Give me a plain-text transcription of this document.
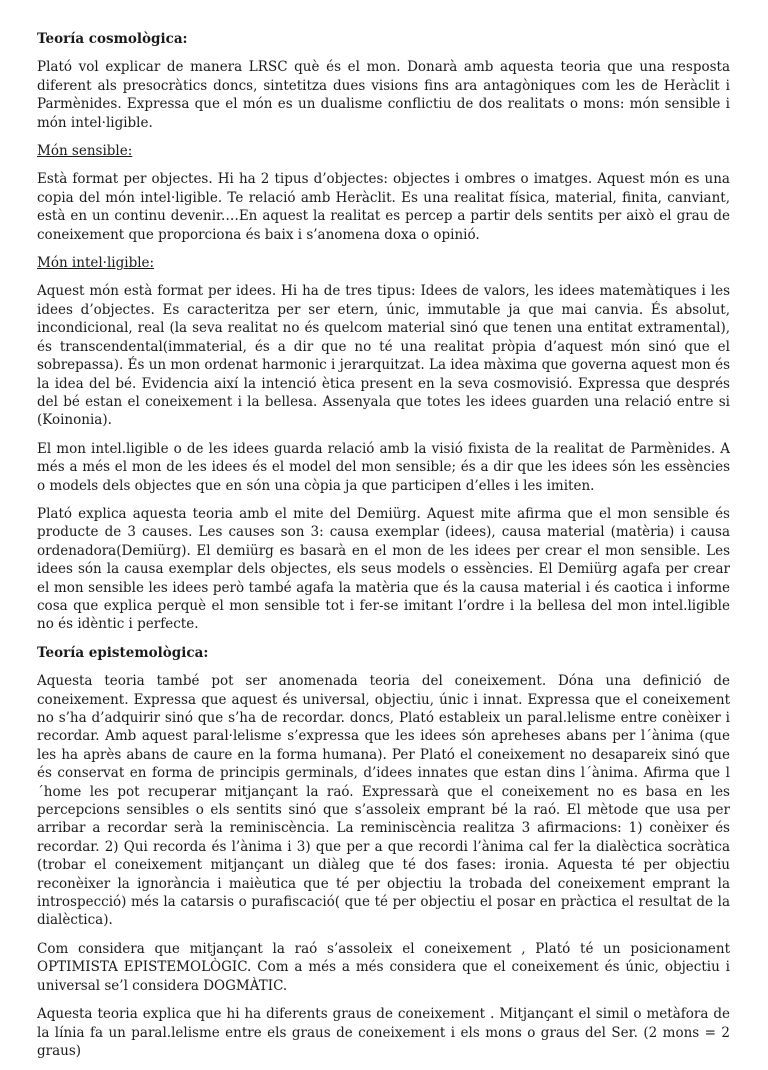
Teoría cosmològica:

Plató vol explicar de manera LRSC què és el mon. Donarà amb aquesta teoria que una resposta diferent als presocràtics doncs, sintetitza dues visions fins ara antagòniques com les de Heràclit i Parmènides. Expressa que el món es un dualisme conflictiu de dos realitats o mons: món sensible i món intel·ligible.

Món sensible:

Està format per objectes. Hi ha 2 tipus d’objectes: objectes i ombres o imatges. Aquest món es una copia del món intel·ligible. Te relació amb Heràclit. Es una realitat física, material, finita, canviant, està en un continu devenir.…En aquest la realitat es percep a partir dels sentits per això el grau de coneixement que proporciona és baix i s’anomena doxa o opinió.

Món intel·ligible:

Aquest món està format per idees. Hi ha de tres tipus: Idees de valors, les idees matemàtiques i les idees d’objectes. Es caracteritza per ser etern, únic, immutable ja que mai canvia. És absolut, incondicional, real (la seva realitat no és quelcom material sinó que tenen una entitat extramental), és transcendental(immaterial, és a dir que no té una realitat pròpia d’aquest món sinó que el sobrepassa). És un mon ordenat harmonic i jerarquitzat. La idea màxima que governa aquest mon és la idea del bé. Evidencia així la intenció ètica present en la seva cosmovisió. Expressa que després del bé estan el coneixement i la bellesa. Assenyala que totes les idees guarden una relació entre si (Koinonia).

El mon intel.ligible o de les idees guarda relació amb la visió fixista de la realitat de Parmènides. A més a més el mon de les idees és el model del mon sensible; és a dir que les idees són les essències o models dels objectes que en són una còpia ja que participen d’elles i les imiten.

Plató explica aquesta teoria amb el mite del Demiürg. Aquest mite afirma que el mon sensible és producte de 3 causes. Les causes son 3: causa exemplar (idees), causa material (matèria) i causa ordenadora(Demiürg). El demiürg es basarà en el mon de les idees per crear el mon sensible. Les idees són la causa exemplar dels objectes, els seus models o essències. El Demiürg agafa per crear el mon sensible les idees però també agafa la matèria que és la causa material i és caotica i informe cosa que explica perquè el mon sensible tot i fer-se imitant l’ordre i la bellesa del mon intel.ligible no és idèntic i perfecte.

Teoría epistemològica:

Aquesta teoria també pot ser anomenada teoria del coneixement. Dóna una definició de coneixement. Expressa que aquest és universal, objectiu, únic i innat. Expressa que el coneixement no s’ha d’adquirir sinó que s’ha de recordar. doncs, Plató estableix un paral.lelisme entre conèixer i recordar. Amb aquest paral·lelisme s’expressa que les idees són apreheses abans per l´ànima (que les ha après abans de caure en la forma humana). Per Plató el coneixement no desapareix sinó que és conservat en forma de principis germinals, d’idees innates que estan dins l´ànima. Afirma que l´home les pot recuperar mitjançant la raó. Expressarà que el coneixement no es basa en les percepcions sensibles o els sentits sinó que s’assoleix emprant bé la raó. El mètode que usa per arribar a recordar serà la reminiscència. La reminiscència realitza 3 afirmacions: 1) conèixer és recordar. 2) Qui recorda és l’ànima i 3) que per a que recordi l’ànima cal fer la dialèctica socràtica (trobar el coneixement mitjançant un diàleg que té dos fases: ironia. Aquesta té per objectiu reconèixer la ignorància i maièutica que té per objectiu la trobada del coneixement emprant la introspecció) més la catarsis o purafiscació( que té per objectiu el posar en pràctica el resultat de la dialèctica).

Com considera que mitjançant la raó s’assoleix el coneixement , Plató té un posicionament OPTIMISTA EPISTEMOLÒGIC. Com a més a més considera que el coneixement és únic, objectiu i universal se’l considera DOGMÀTIC.

Aquesta teoria explica que hi ha diferents graus de coneixement . Mitjançant el simil o metàfora de la línia fa un paral.lelisme entre els graus de coneixement i els mons o graus del Ser. (2 mons = 2 graus)
